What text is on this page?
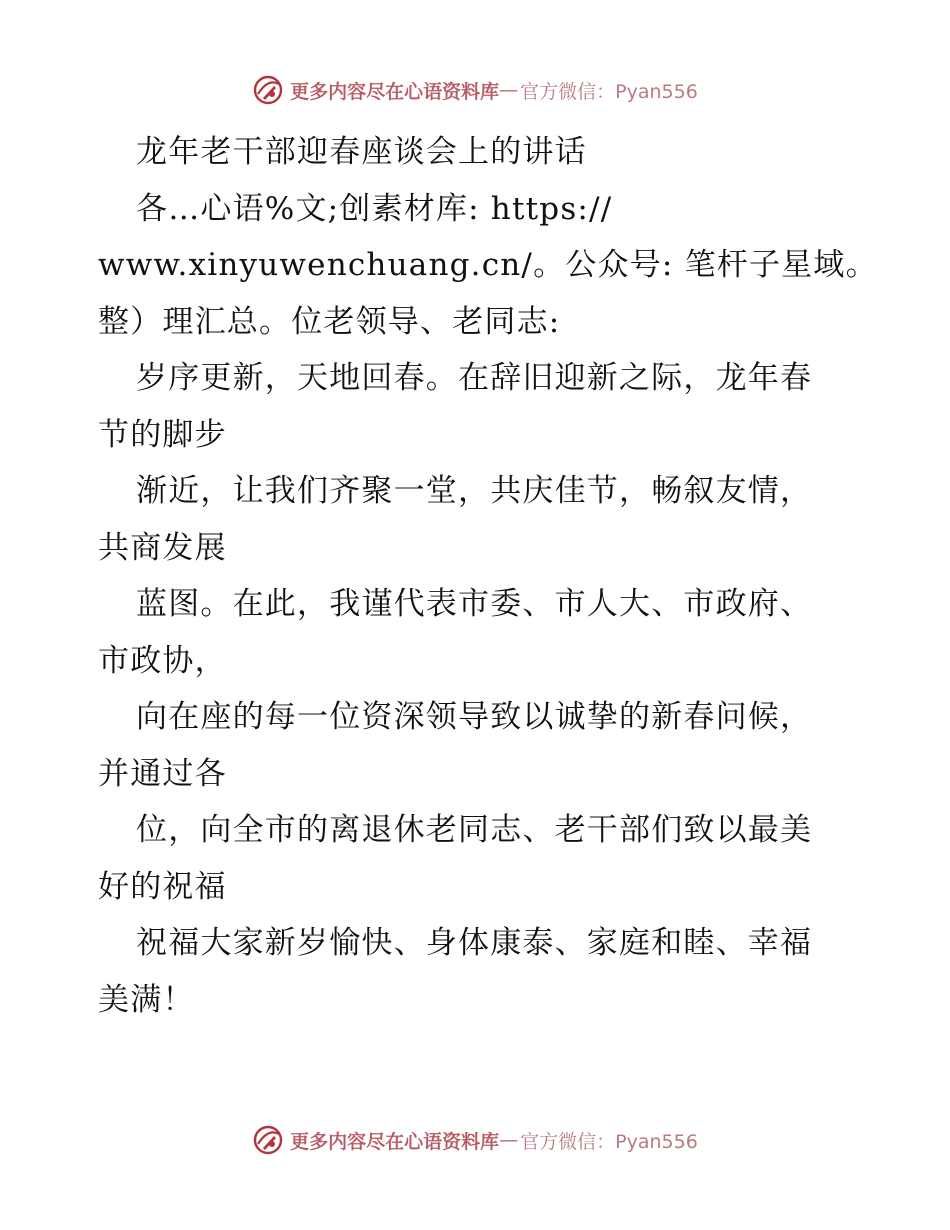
更多内容尽在心语资料库 — 官方微信：Pyan556
龙年老干部迎春座谈会上的讲话
各…心语%文;创素材库: https://
www.xinyuwenchuang.cn/。公众号: 笔杆子星域。
整）理汇总。位老领导、老同志:
岁序更新，天地回春。在辞旧迎新之际，龙年春
节的脚步
渐近，让我们齐聚一堂，共庆佳节，畅叙友情，
共商发展
蓝图。在此，我谨代表市委、市人大、市政府、
市政协，
向在座的每一位资深领导致以诚挚的新春问候，
并通过各
位，向全市的离退休老同志、老干部们致以最美
好的祝福
祝福大家新岁愉快、身体康泰、家庭和睦、幸福
美满！
更多内容尽在心语资料库 — 官方微信：Pyan556
